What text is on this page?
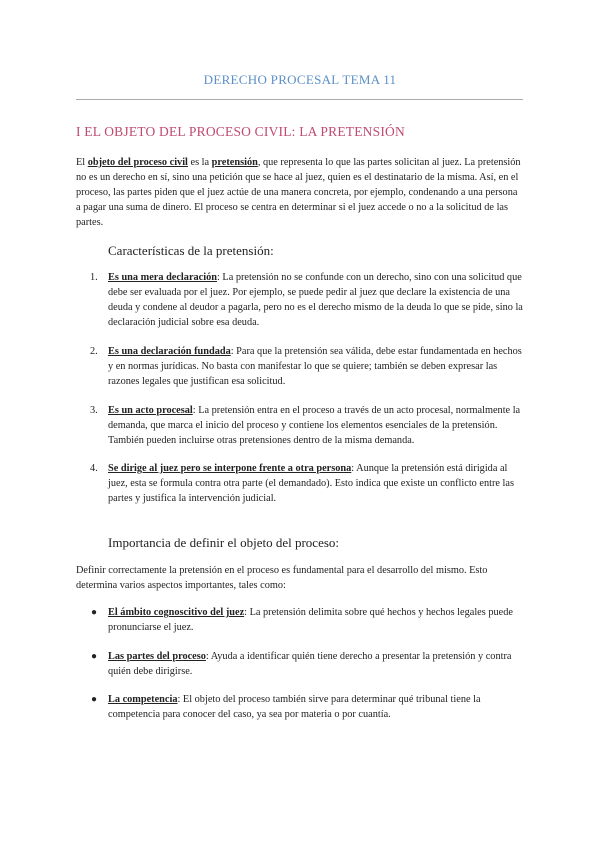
DERECHO PROCESAL TEMA 11
I EL OBJETO DEL PROCESO CIVIL: LA PRETENSIÓN
El objeto del proceso civil es la pretensión, que representa lo que las partes solicitan al juez. La pretensión no es un derecho en sí, sino una petición que se hace al juez, quien es el destinatario de la misma. Así, en el proceso, las partes piden que el juez actúe de una manera concreta, por ejemplo, condenando a una persona a pagar una suma de dinero. El proceso se centra en determinar si el juez accede o no a la solicitud de las partes.
Características de la pretensión:
1. Es una mera declaración: La pretensión no se confunde con un derecho, sino con una solicitud que debe ser evaluada por el juez. Por ejemplo, se puede pedir al juez que declare la existencia de una deuda y condene al deudor a pagarla, pero no es el derecho mismo de la deuda lo que se pide, sino la declaración judicial sobre esa deuda.
2. Es una declaración fundada: Para que la pretensión sea válida, debe estar fundamentada en hechos y en normas jurídicas. No basta con manifestar lo que se quiere; también se deben expresar las razones legales que justifican esa solicitud.
3. Es un acto procesal: La pretensión entra en el proceso a través de un acto procesal, normalmente la demanda, que marca el inicio del proceso y contiene los elementos esenciales de la pretensión. También pueden incluirse otras pretensiones dentro de la misma demanda.
4. Se dirige al juez pero se interpone frente a otra persona: Aunque la pretensión está dirigida al juez, esta se formula contra otra parte (el demandado). Esto indica que existe un conflicto entre las partes y justifica la intervención judicial.
Importancia de definir el objeto del proceso:
Definir correctamente la pretensión en el proceso es fundamental para el desarrollo del mismo. Esto determina varios aspectos importantes, tales como:
● El ámbito cognoscitivo del juez: La pretensión delimita sobre qué hechos y hechos legales puede pronunciarse el juez.
● Las partes del proceso: Ayuda a identificar quién tiene derecho a presentar la pretensión y contra quién debe dirigirse.
● La competencia: El objeto del proceso también sirve para determinar qué tribunal tiene la competencia para conocer del caso, ya sea por materia o por cuantía.
